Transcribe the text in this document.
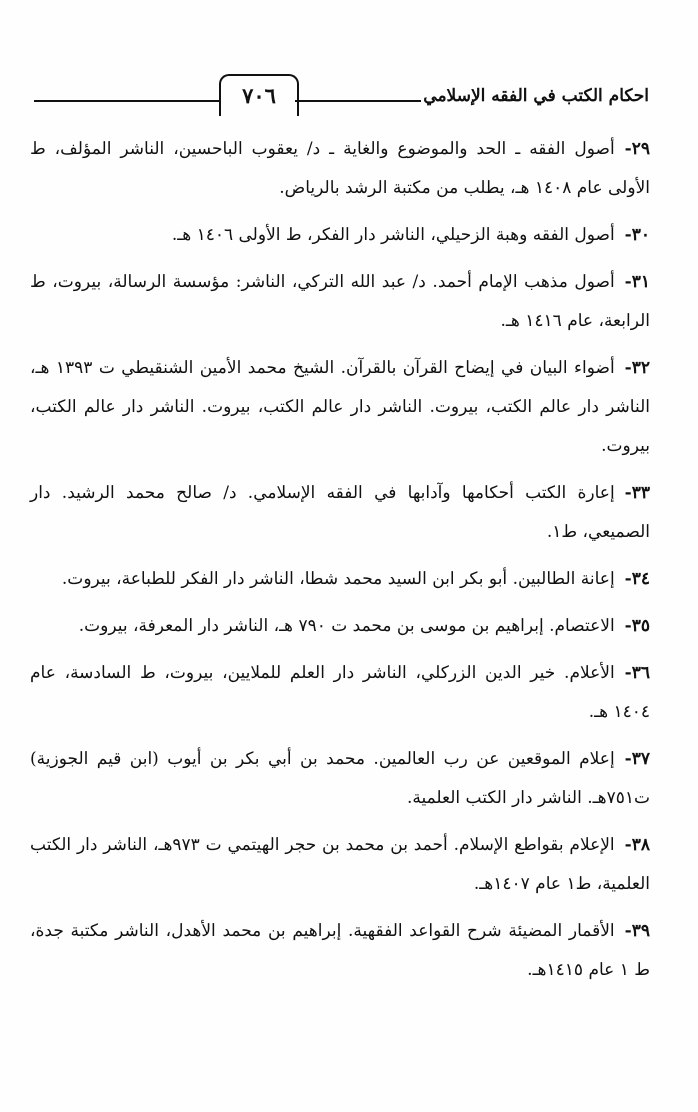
٧٠٦	احكام الكتب في الفقه الإسلامي
٢٩-أصول الفقه ـ الحد والموضوع والغاية ـ د/ يعقوب الباحسين، الناشر المؤلف، ط الأولى عام ١٤٠٨ هـ، يطلب من مكتبة الرشد بالرياض.
٣٠-أصول الفقه وهبة الزحيلي، الناشر دار الفكر، ط الأولى ١٤٠٦ هـ.
٣١-أصول مذهب الإمام أحمد. د/ عبد الله التركي، الناشر: مؤسسة الرسالة، بيروت، ط الرابعة، عام ١٤١٦ هـ.
٣٢-أضواء البيان في إيضاح القرآن بالقرآن. الشيخ محمد الأمين الشنقيطي ت ١٣٩٣ هـ، الناشر دار عالم الكتب، بيروت. الناشر دار عالم الكتب، بيروت. الناشر دار عالم الكتب، بيروت.
٣٣-إعارة الكتب أحكامها وآدابها في الفقه الإسلامي. د/ صالح محمد الرشيد. دار الصميعي، ط١.
٣٤-إعانة الطالبين. أبو بكر ابن السيد محمد شطا، الناشر دار الفكر للطباعة، بيروت.
٣٥-الاعتصام. إبراهيم بن موسى بن محمد ت ٧٩٠ هـ، الناشر دار المعرفة، بيروت.
٣٦-الأعلام. خير الدين الزركلي، الناشر دار العلم للملايين، بيروت، ط السادسة، عام ١٤٠٤ هـ.
٣٧-إعلام الموقعين عن رب العالمين. محمد بن أبي بكر بن أيوب (ابن قيم الجوزية) ت٧٥١هـ. الناشر دار الكتب العلمية.
٣٨-الإعلام بقواطع الإسلام. أحمد بن محمد بن حجر الهيتمي ت ٩٧٣هـ، الناشر دار الكتب العلمية، ط١ عام ١٤٠٧هـ.
٣٩-الأقمار المضيئة شرح القواعد الفقهية. إبراهيم بن محمد الأهدل، الناشر مكتبة جدة، ط ١ عام ١٤١٥هـ.
